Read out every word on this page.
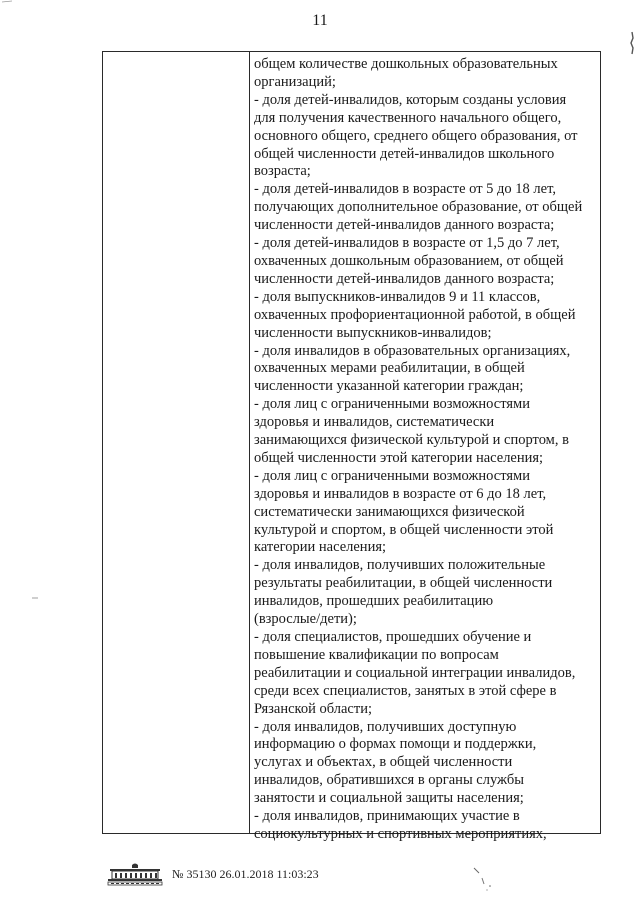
11
общем количестве дошкольных образовательных
организаций;
- доля детей-инвалидов, которым созданы условия
для получения качественного начального общего,
основного общего, среднего общего образования, от
общей численности детей-инвалидов школьного
возраста;
- доля детей-инвалидов в возрасте от 5 до 18 лет,
получающих дополнительное образование, от общей
численности детей-инвалидов данного возраста;
- доля детей-инвалидов в возрасте от 1,5 до 7 лет,
охваченных дошкольным образованием, от общей
численности детей-инвалидов данного возраста;
- доля выпускников-инвалидов 9 и 11 классов,
охваченных профориентационной работой, в общей
численности выпускников-инвалидов;
- доля инвалидов в образовательных организациях,
охваченных мерами реабилитации, в общей
численности указанной категории граждан;
- доля лиц с ограниченными возможностями
здоровья и инвалидов, систематически
занимающихся физической культурой и спортом, в
общей численности этой категории населения;
- доля лиц с ограниченными возможностями
здоровья и инвалидов в возрасте от 6 до 18 лет,
систематически занимающихся физической
культурой и спортом, в общей численности этой
категории населения;
- доля инвалидов, получивших положительные
результаты реабилитации, в общей численности
инвалидов, прошедших реабилитацию
(взрослые/дети);
- доля специалистов, прошедших обучение и
повышение квалификации по вопросам
реабилитации и социальной интеграции инвалидов,
среди всех специалистов, занятых в этой сфере в
Рязанской области;
- доля инвалидов, получивших доступную
информацию о формах помощи и поддержки,
услугах и объектах, в общей численности
инвалидов, обратившихся в органы службы
занятости и социальной защиты населения;
- доля инвалидов, принимающих участие в
социокультурных и спортивных мероприятиях,
№ 35130 26.01.2018 11:03:23
